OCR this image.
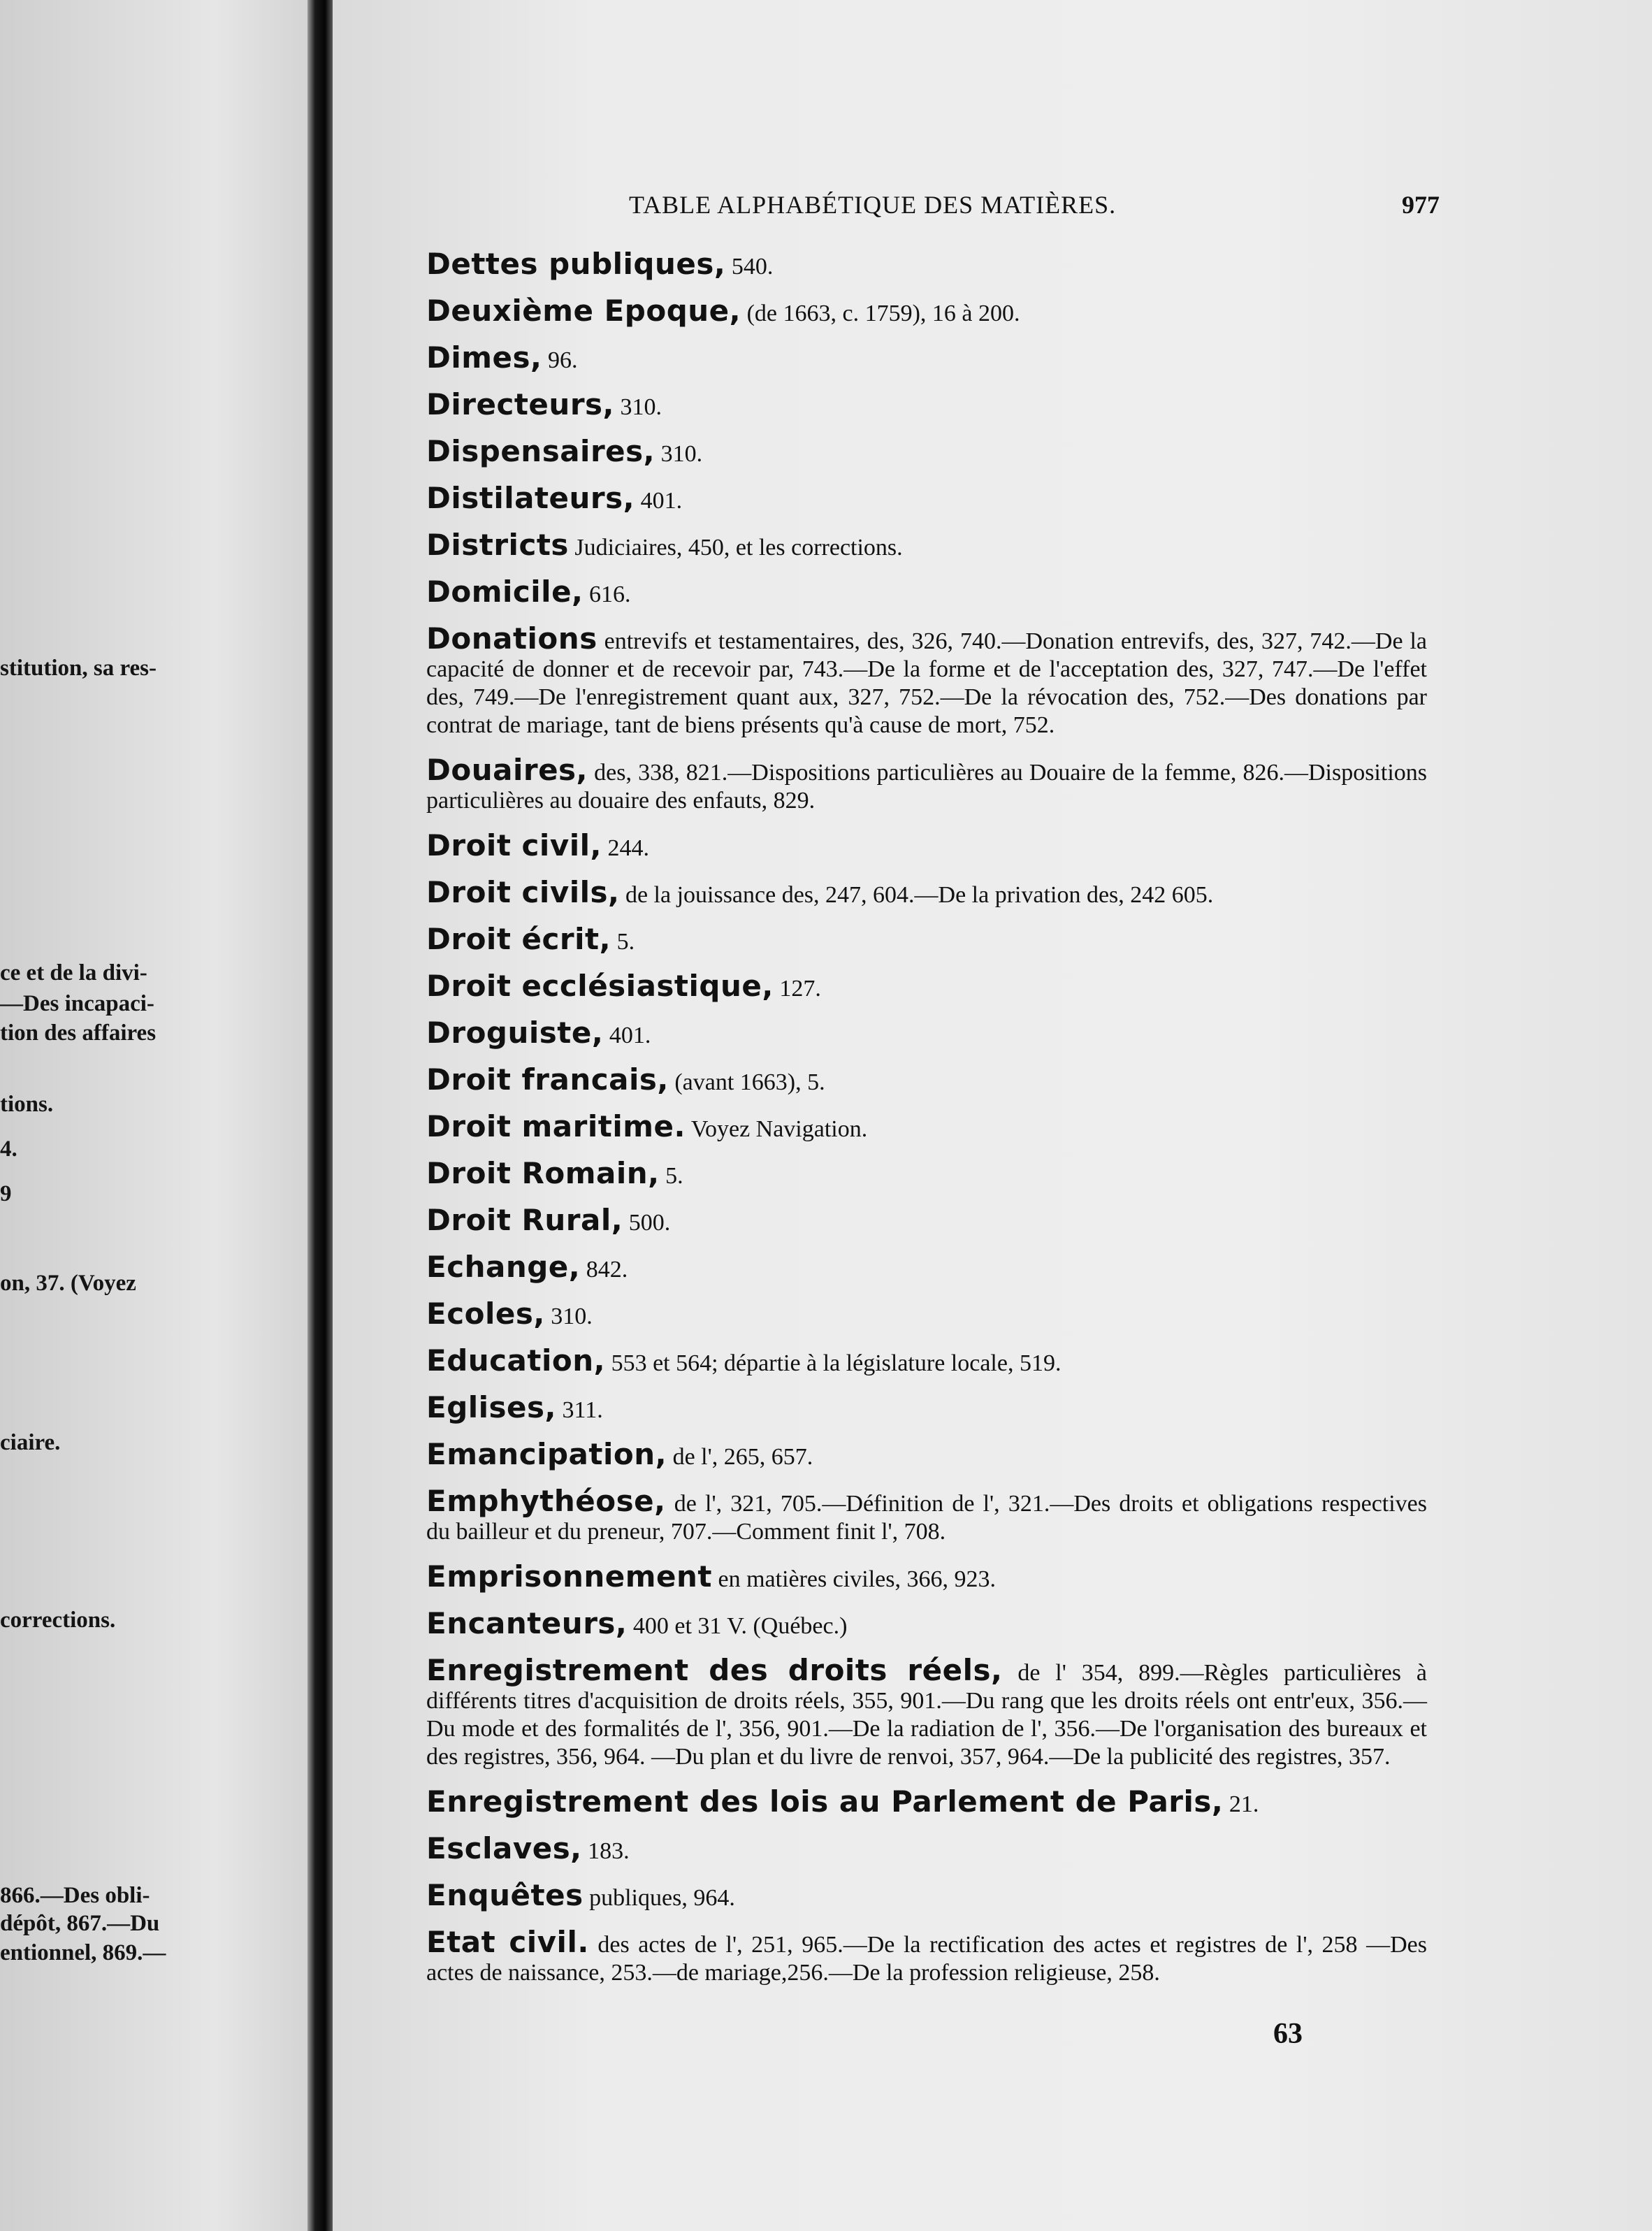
stitution, sa res-
ce et de la divi-
—Des incapaci-
tion des affaires
tions.
4.
9
on, 37. (Voyez
ciaire.
corrections.
866.—Des obli-
dépôt, 867.—Du
entionnel, 869.—
TABLE ALPHABÉTIQUE DES MATIÈRES.	977
Dettes publiques, 540.
Deuxième Epoque, (de 1663, c. 1759), 16 à 200.
Dimes, 96.
Directeurs, 310.
Dispensaires, 310.
Distilateurs, 401.
Districts Judiciaires, 450, et les corrections.
Domicile, 616.
Donations entrevifs et testamentaires, des, 326, 740.—Donation entrevifs, des, 327, 742.—De la capacité de donner et de recevoir par, 743.—De la forme et de l'acceptation des, 327, 747.—De l'effet des, 749.—De l'enregistrement quant aux, 327, 752.—De la révocation des, 752.—Des donations par contrat de mariage, tant de biens présents qu'à cause de mort, 752.
Douaires, des, 338, 821.—Dispositions particulières au Douaire de la femme, 826.—Dispositions particulières au douaire des enfauts, 829.
Droit civil, 244.
Droit civils, de la jouissance des, 247, 604.—De la privation des, 242 605.
Droit écrit, 5.
Droit ecclésiastique, 127.
Droguiste, 401.
Droit francais, (avant 1663), 5.
Droit maritime. Voyez Navigation.
Droit Romain, 5.
Droit Rural, 500.
Echange, 842.
Ecoles, 310.
Education, 553 et 564; départie à la législature locale, 519.
Eglises, 311.
Emancipation, de l', 265, 657.
Emphythéose, de l', 321, 705.—Définition de l', 321.—Des droits et obligations respectives du bailleur et du preneur, 707.—Comment finit l', 708.
Emprisonnement en matières civiles, 366, 923.
Encanteurs, 400 et 31 V. (Québec.)
Enregistrement des droits réels, de l' 354, 899.—Règles particulières à différents titres d'acquisition de droits réels, 355, 901.—Du rang que les droits réels ont entr'eux, 356.—Du mode et des formalités de l', 356, 901.—De la radiation de l', 356.—De l'organisation des bureaux et des registres, 356, 964. —Du plan et du livre de renvoi, 357, 964.—De la publicité des registres, 357.
Enregistrement des lois au Parlement de Paris, 21.
Esclaves, 183.
Enquêtes publiques, 964.
Etat civil. des actes de l', 251, 965.—De la rectification des actes et registres de l', 258 —Des actes de naissance, 253.—de mariage,256.—De la profession religieuse, 258.
63
